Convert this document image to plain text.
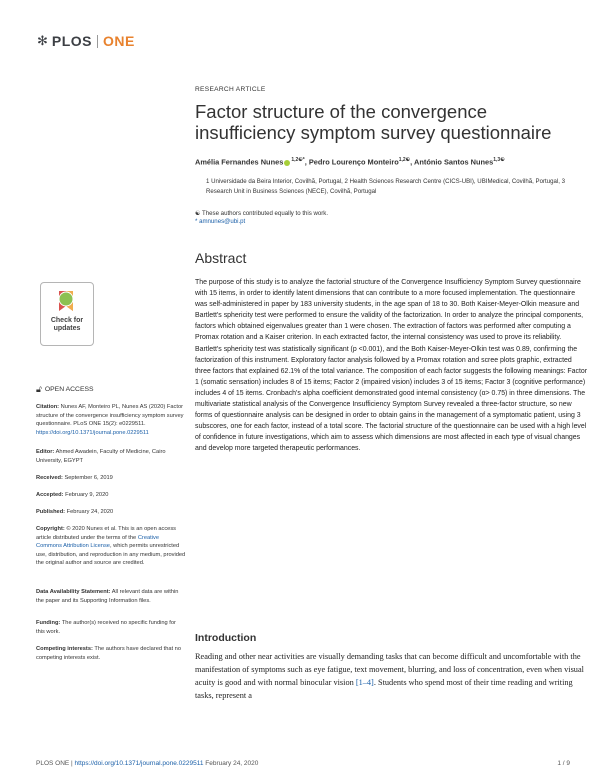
✻ PLOS ONE
RESEARCH ARTICLE
Factor structure of the convergence insufficiency symptom survey questionnaire
Amélia Fernandes Nunes $^{1,2☯*}$, Pedro Lourenço Monteiro$^{1,2☯}$, António Santos Nunes$^{1,3☯}$
1 Universidade da Beira Interior, Covilhã, Portugal, 2 Health Sciences Research Centre (CICS-UBI), UBIMedical, Covilhã, Portugal, 3 Research Unit in Business Sciences (NECE), Covilhã, Portugal
☯ These authors contributed equally to this work.
* amnunes@ubi.pt
Abstract

The purpose of this study is to analyze the factorial structure of the Convergence Insufficiency Symptom Survey questionnaire with 15 items, in order to identify latent dimensions that can contribute to a more focused implementation. The questionnaire was self-administered in paper by 183 university students, in the age span of 18 to 30. Both Kaiser-Meyer-Olkin measure and Bartlett's sphericity test were performed to ensure the validity of the factorization. In order to analyze the principal components, factors which obtained eigenvalues greater than 1 were chosen. The extraction of factors was performed after computing a Promax rotation and a Kaiser criterion. In each extracted factor, the internal consistency was used to prove its reliability. Bartlett's sphericity test was statistically significant (p <0.001), and the Both Kaiser-Meyer-Olkin test was 0.89, confirming the factorization of this instrument. Exploratory factor analysis followed by a Promax rotation and scree plots graphic, extracted three factors that explained 62.1% of the total variance. The composition of each factor suggests the following meanings: Factor 1 (somatic sensation) includes 8 of 15 items; Factor 2 (impaired vision) includes 3 of 15 items; Factor 3 (cognitive performance) includes 4 of 15 items. Cronbach's alpha coefficient demonstrated good internal consistency (α> 0.75) in three dimensions. The multivariate statistical analysis of the Convergence Insufficiency Symptom Survey revealed a three-factor structure, so new forms of questionnaire analysis can be designed in order to obtain gains in the management of a symptomatic patient, using 3 subscores, one for each factor, instead of a total score. The factorial structure of the questionnaire can be used with a high level of confidence in future investigations, which aim to assess which dimensions are most affected in each type of visual changes and develop more targeted therapeutic performances.

Introduction

Reading and other near activities are visually demanding tasks that can become difficult and uncomfortable with the manifestation of symptoms such as eye fatigue, text movement, blurring, and loss of concentration, even when visual acuity is good and with normal binocular vision [1–4]. Students who spend most of their time reading and writing tasks, represent a

Check for updates
🔓︎ OPEN ACCESS
Citation: Nunes AF, Monteiro PL, Nunes AS (2020) Factor structure of the convergence insufficiency symptom survey questionnaire. PLoS ONE 15(2): e0229511. https://doi.org/10.1371/journal.pone.0229511
Editor: Ahmed Awadein, Faculty of Medicine, Cairo University, EGYPT
Received: September 6, 2019
Accepted: February 9, 2020
Published: February 24, 2020
Copyright: © 2020 Nunes et al. This is an open access article distributed under the terms of the Creative Commons Attribution License, which permits unrestricted use, distribution, and reproduction in any medium, provided the original author and source are credited.
Data Availability Statement: All relevant data are within the paper and its Supporting Information files.
Funding: The author(s) received no specific funding for this work.
Competing interests: The authors have declared that no competing interests exist.
PLOS ONE | https://doi.org/10.1371/journal.pone.0229511 February 24, 2020	1 / 9
